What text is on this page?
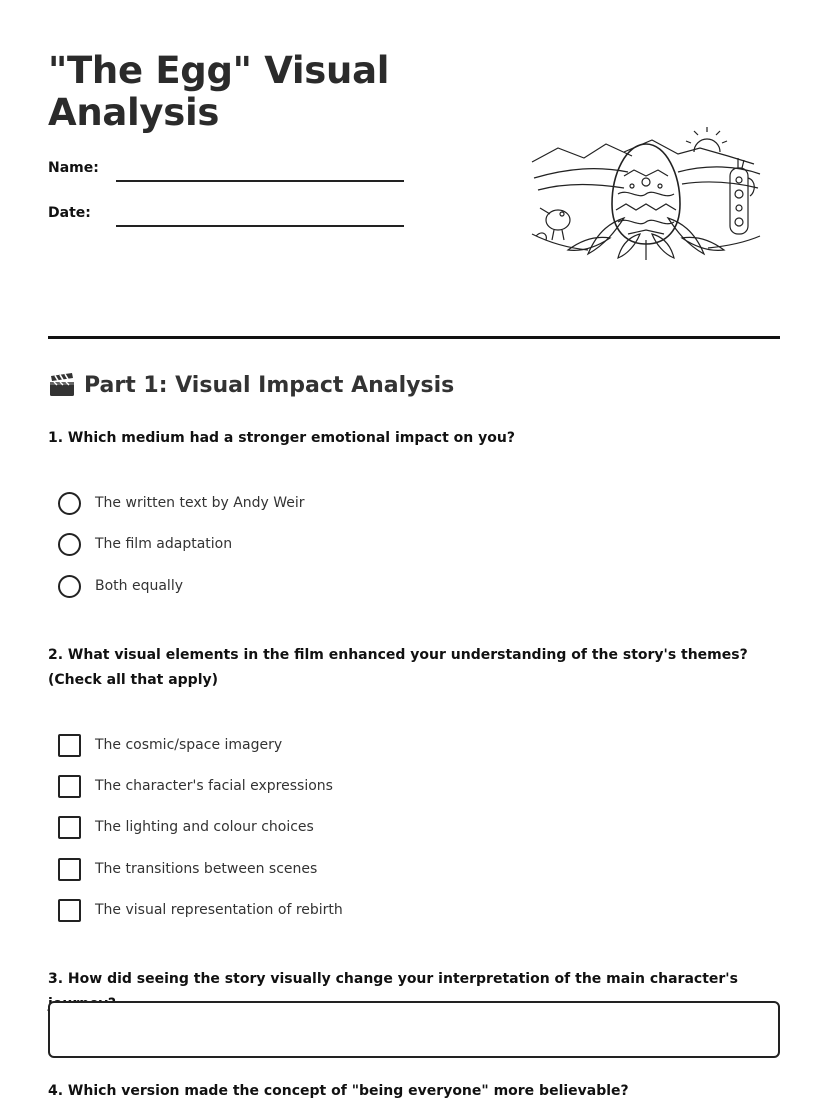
"The Egg" Visual
Analysis
Name:
Date:
Part 1: Visual Impact Analysis
1. Which medium had a stronger emotional impact on you?
The written text by Andy Weir
The film adaptation
Both equally
2. What visual elements in the film enhanced your understanding of the story's themes? (Check all that apply)
The cosmic/space imagery
The character's facial expressions
The lighting and colour choices
The transitions between scenes
The visual representation of rebirth
3. How did seeing the story visually change your interpretation of the main character's
4. Which version made the concept of "being everyone" more believable?
